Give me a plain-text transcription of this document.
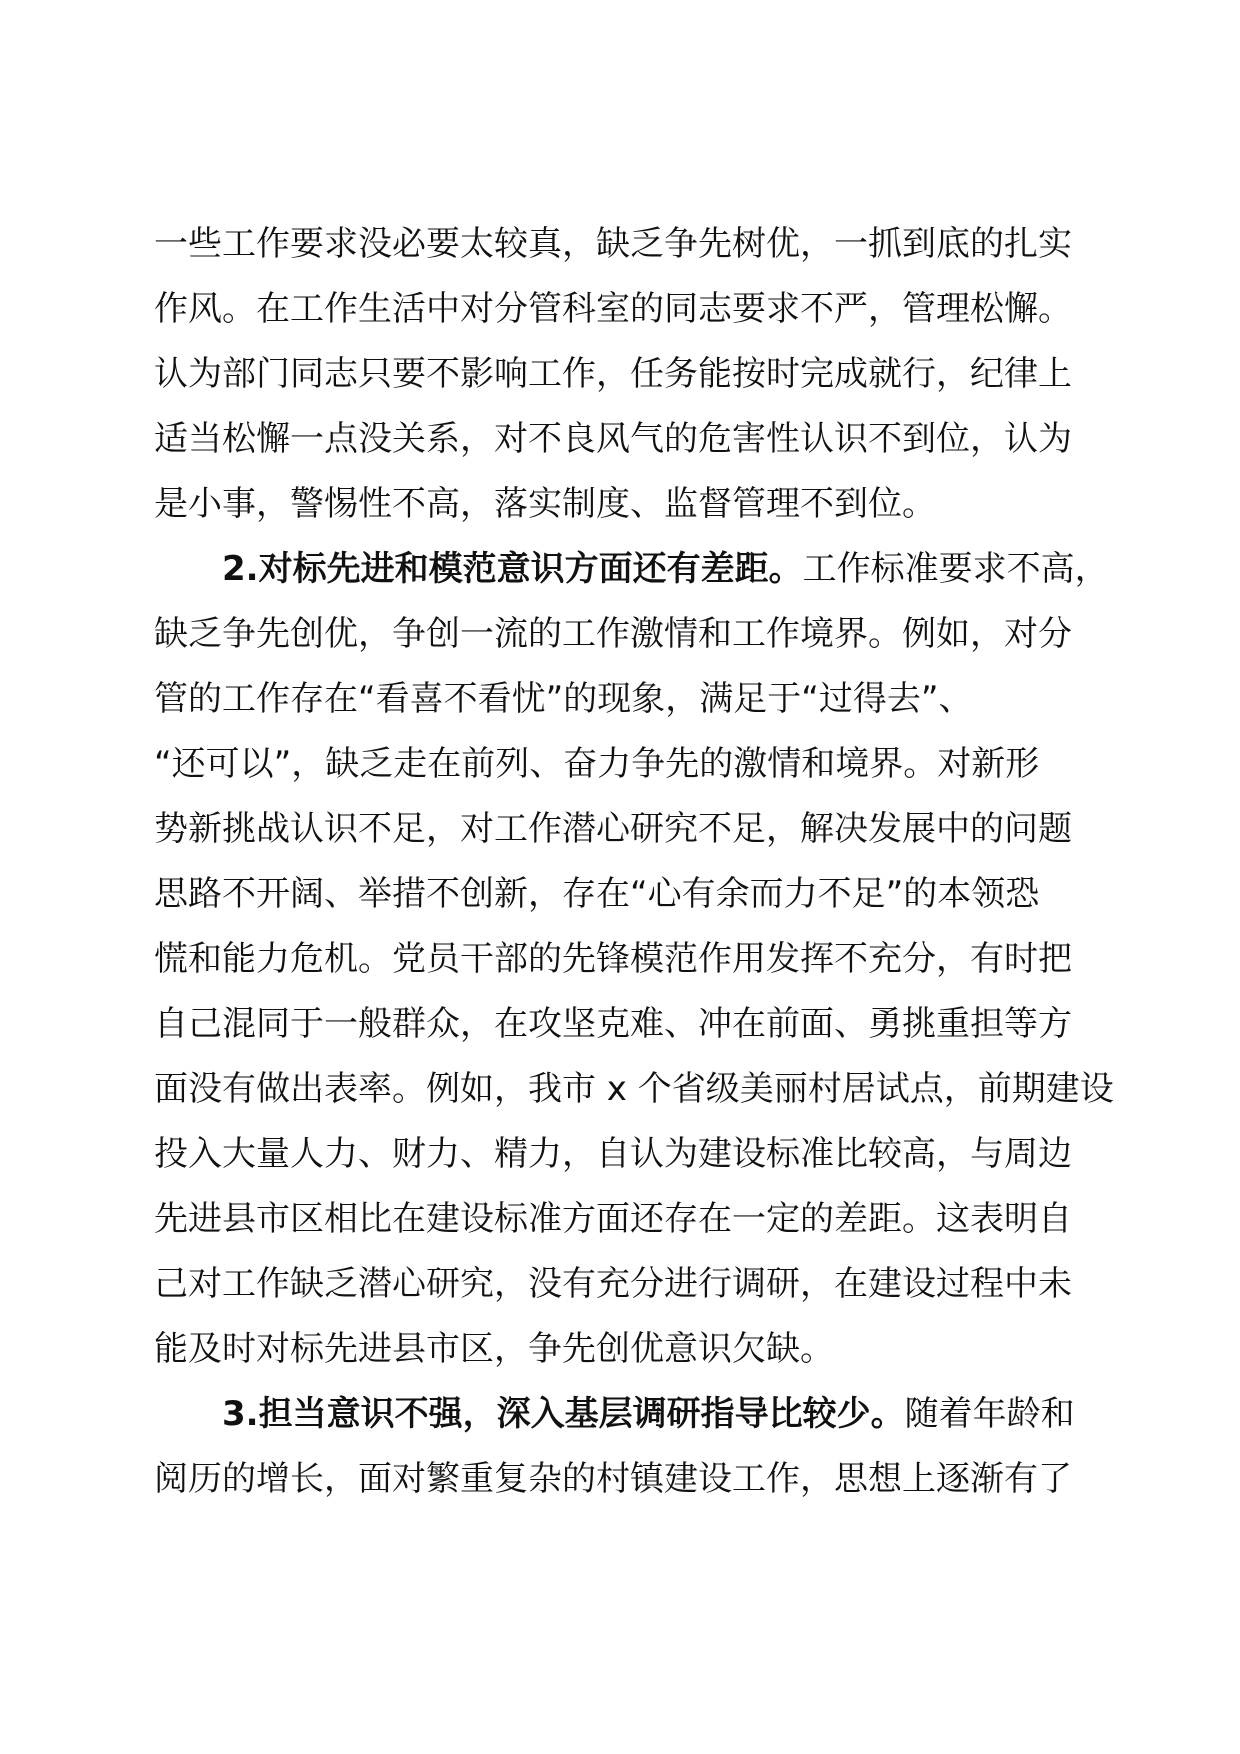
一些工作要求没必要太较真，缺乏争先树优，一抓到底的扎实
作风。在工作生活中对分管科室的同志要求不严，管理松懈。
认为部门同志只要不影响工作，任务能按时完成就行，纪律上
适当松懈一点没关系，对不良风气的危害性认识不到位，认为
是小事，警惕性不高，落实制度、监督管理不到位。
2.对标先进和模范意识方面还有差距。工作标准要求不高，
缺乏争先创优，争创一流的工作激情和工作境界。例如，对分
管的工作存在“看喜不看忧”的现象，满足于“过得去”、
“还可以”，缺乏走在前列、奋力争先的激情和境界。对新形
势新挑战认识不足，对工作潜心研究不足，解决发展中的问题
思路不开阔、举措不创新，存在“心有余而力不足”的本领恐
慌和能力危机。党员干部的先锋模范作用发挥不充分，有时把
自己混同于一般群众，在攻坚克难、冲在前面、勇挑重担等方
面没有做出表率。例如，我市 x 个省级美丽村居试点，前期建设
投入大量人力、财力、精力，自认为建设标准比较高，与周边
先进县市区相比在建设标准方面还存在一定的差距。这表明自
己对工作缺乏潜心研究，没有充分进行调研，在建设过程中未
能及时对标先进县市区，争先创优意识欠缺。
3.担当意识不强，深入基层调研指导比较少。随着年龄和
阅历的增长，面对繁重复杂的村镇建设工作，思想上逐渐有了
